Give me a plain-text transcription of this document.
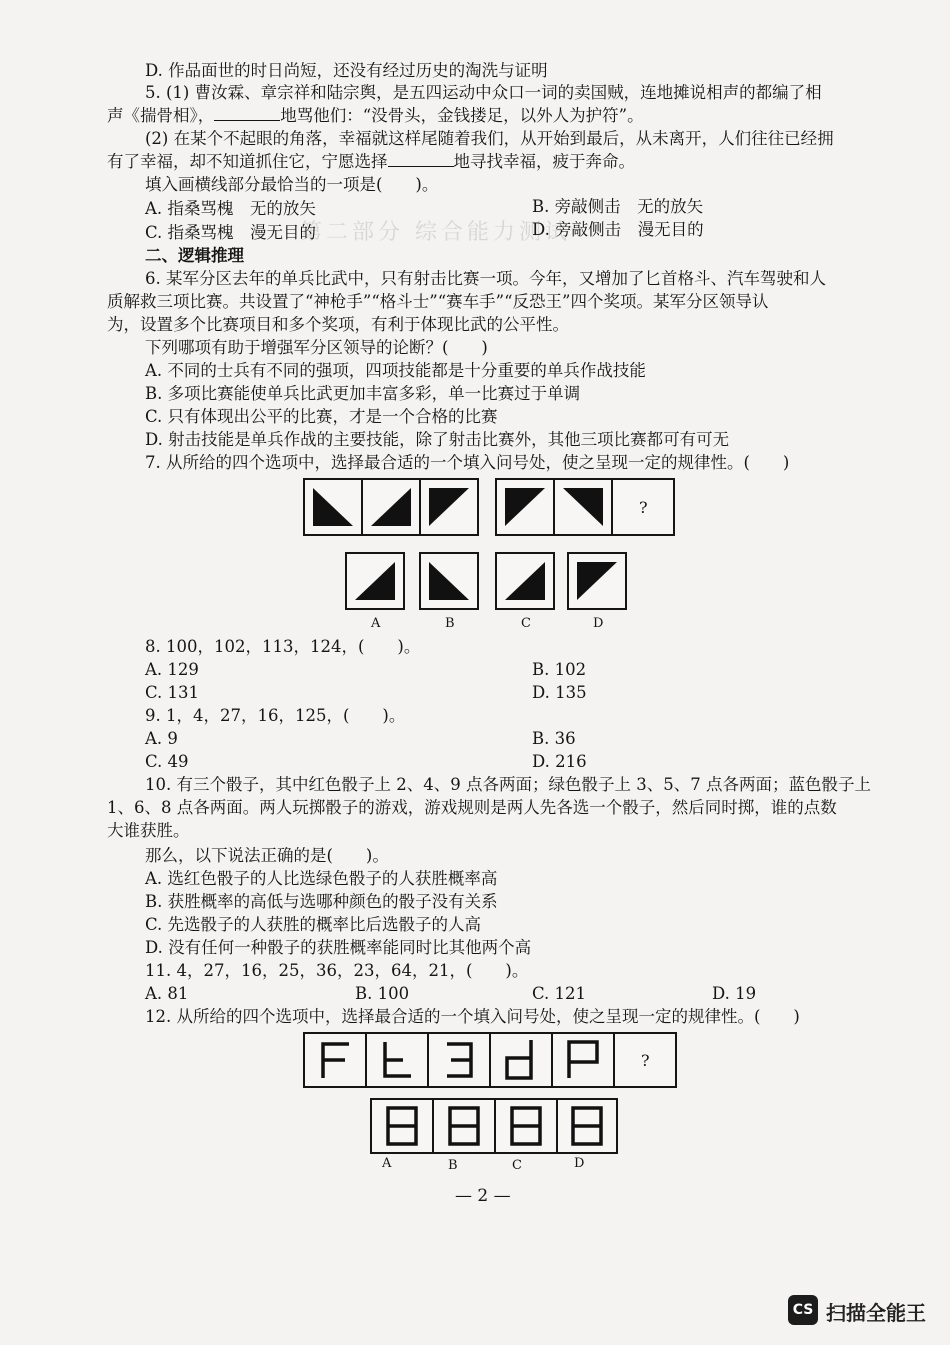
第二部分 综合能力测试
D. 作品面世的时日尚短，还没有经过历史的淘洗与证明
5. (1) 曹汝霖、章宗祥和陆宗舆，是五四运动中众口一词的卖国贼，连地摊说相声的都编了相
声《揣骨相》，	地骂他们：“没骨头，金钱搂足，以外人为护符”。
(2) 在某个不起眼的角落，幸福就这样尾随着我们，从开始到最后，从未离开，人们往往已经拥
有了幸福，却不知道抓住它，宁愿选择	地寻找幸福，疲于奔命。
填入画横线部分最恰当的一项是(　　)。
A. 指桑骂槐　无的放矢	B. 旁敲侧击　无的放矢
C. 指桑骂槐　漫无目的	D. 旁敲侧击　漫无目的
二、逻辑推理
6. 某军分区去年的单兵比武中，只有射击比赛一项。今年，又增加了匕首格斗、汽车驾驶和人
质解救三项比赛。共设置了“神枪手”“格斗士”“赛车手”“反恐王”四个奖项。某军分区领导认
为，设置多个比赛项目和多个奖项，有利于体现比武的公平性。
下列哪项有助于增强军分区领导的论断？(　　)
A. 不同的士兵有不同的强项，四项技能都是十分重要的单兵作战技能
B. 多项比赛能使单兵比武更加丰富多彩，单一比赛过于单调
C. 只有体现出公平的比赛，才是一个合格的比赛
D. 射击技能是单兵作战的主要技能，除了射击比赛外，其他三项比赛都可有可无
7. 从所给的四个选项中，选择最合适的一个填入问号处，使之呈现一定的规律性。(　　)
?
A	B	C	D
8. 100，102，113，124，(　　)。
A. 129	B. 102
C. 131	D. 135
9. 1，4，27，16，125，(　　)。
A. 9	B. 36
C. 49	D. 216
10. 有三个骰子，其中红色骰子上 2、4、9 点各两面；绿色骰子上 3、5、7 点各两面；蓝色骰子上
1、6、8 点各两面。两人玩掷骰子的游戏，游戏规则是两人先各选一个骰子，然后同时掷，谁的点数
大谁获胜。
那么，以下说法正确的是(　　)。
A. 选红色骰子的人比选绿色骰子的人获胜概率高
B. 获胜概率的高低与选哪种颜色的骰子没有关系
C. 先选骰子的人获胜的概率比后选骰子的人高
D. 没有任何一种骰子的获胜概率能同时比其他两个高
11. 4，27，16，25，36，23，64，21，(　　)。
A. 81	B. 100	C. 121	D. 19
12. 从所给的四个选项中，选择最合适的一个填入问号处，使之呈现一定的规律性。(　　)
?
A	B	C	D
— 2 —
CS 扫描全能王
